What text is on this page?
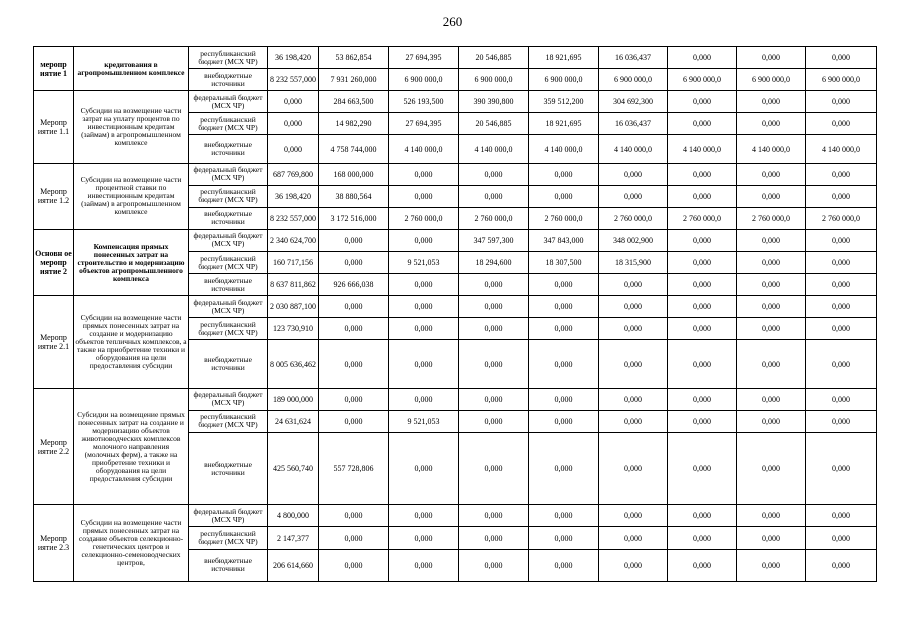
260
меропр иятие 1	кредитования в агропромышленном комплексе	республиканский бюджет (МСХ ЧР)	36 198,420	53 862,854	27 694,395	20 546,885	18 921,695	16 036,437	0,000	0,000	0,000
		внебюджетные источники	8 232 557,000	7 931 260,000	6 900 000,0	6 900 000,0	6 900 000,0	6 900 000,0	6 900 000,0	6 900 000,0	6 900 000,0
Меропр иятие 1.1	Субсидии на возмещение части затрат на уплату процентов по инвестиционным кредитам (займам) в агропромышленном комплексе	федеральный бюджет (МСХ ЧР)	0,000	284 663,500	526 193,500	390 390,800	359 512,200	304 692,300	0,000	0,000	0,000
		республиканский бюджет (МСХ ЧР)	0,000	14 982,290	27 694,395	20 546,885	18 921,695	16 036,437	0,000	0,000	0,000
		внебюджетные источники	0,000	4 758 744,000	4 140 000,0	4 140 000,0	4 140 000,0	4 140 000,0	4 140 000,0	4 140 000,0	4 140 000,0
Меропр иятие 1.2	Субсидии на возмещение части процентной ставки по инвестиционным кредитам (займам) в агропромышленном комплексе	федеральный бюджет (МСХ ЧР)	687 769,800	168 000,000	0,000	0,000	0,000	0,000	0,000	0,000	0,000
		республиканский бюджет (МСХ ЧР)	36 198,420	38 880,564	0,000	0,000	0,000	0,000	0,000	0,000	0,000
		внебюджетные источники	8 232 557,000	3 172 516,000	2 760 000,0	2 760 000,0	2 760 000,0	2 760 000,0	2 760 000,0	2 760 000,0	2 760 000,0
Основн ое меропр иятие 2	Компенсация прямых понесенных затрат на строительство и модернизацию объектов агропромышленного комплекса	федеральный бюджет (МСХ ЧР)	2 340 624,700	0,000	0,000	347 597,300	347 843,000	348 002,900	0,000	0,000	0,000
		республиканский бюджет (МСХ ЧР)	160 717,156	0,000	9 521,053	18 294,600	18 307,500	18 315,900	0,000	0,000	0,000
		внебюджетные источники	8 637 811,862	926 666,038	0,000	0,000	0,000	0,000	0,000	0,000	0,000
Меропр иятие 2.1	Субсидии на возмещение части прямых понесенных затрат на создание и модернизацию объектов тепличных комплексов, а также на приобретение техники и оборудования на цели предоставления субсидии	федеральный бюджет (МСХ ЧР)	2 030 887,100	0,000	0,000	0,000	0,000	0,000	0,000	0,000	0,000
		республиканский бюджет (МСХ ЧР)	123 730,910	0,000	0,000	0,000	0,000	0,000	0,000	0,000	0,000
		внебюджетные источники	8 005 636,462	0,000	0,000	0,000	0,000	0,000	0,000	0,000	0,000
Меропр иятие 2.2	Субсидии на возмещение прямых понесенных затрат на создание и модернизацию объектов животноводческих комплексов молочного направления (молочных ферм), а также на приобретение техники и оборудования на цели предоставления субсидии	федеральный бюджет (МСХ ЧР)	189 000,000	0,000	0,000	0,000	0,000	0,000	0,000	0,000	0,000
		республиканский бюджет (МСХ ЧР)	24 631,624	0,000	9 521,053	0,000	0,000	0,000	0,000	0,000	0,000
		внебюджетные источники	425 560,740	557 728,806	0,000	0,000	0,000	0,000	0,000	0,000	0,000
Меропр иятие 2.3	Субсидии на возмещение части прямых понесенных затрат на создание объектов селекционно-генетических центров и селекционно-семеноводческих центров,	федеральный бюджет (МСХ ЧР)	4 800,000	0,000	0,000	0,000	0,000	0,000	0,000	0,000	0,000
		республиканский бюджет (МСХ ЧР)	2 147,377	0,000	0,000	0,000	0,000	0,000	0,000	0,000	0,000
		внебюджетные источники	206 614,660	0,000	0,000	0,000	0,000	0,000	0,000	0,000	0,000
